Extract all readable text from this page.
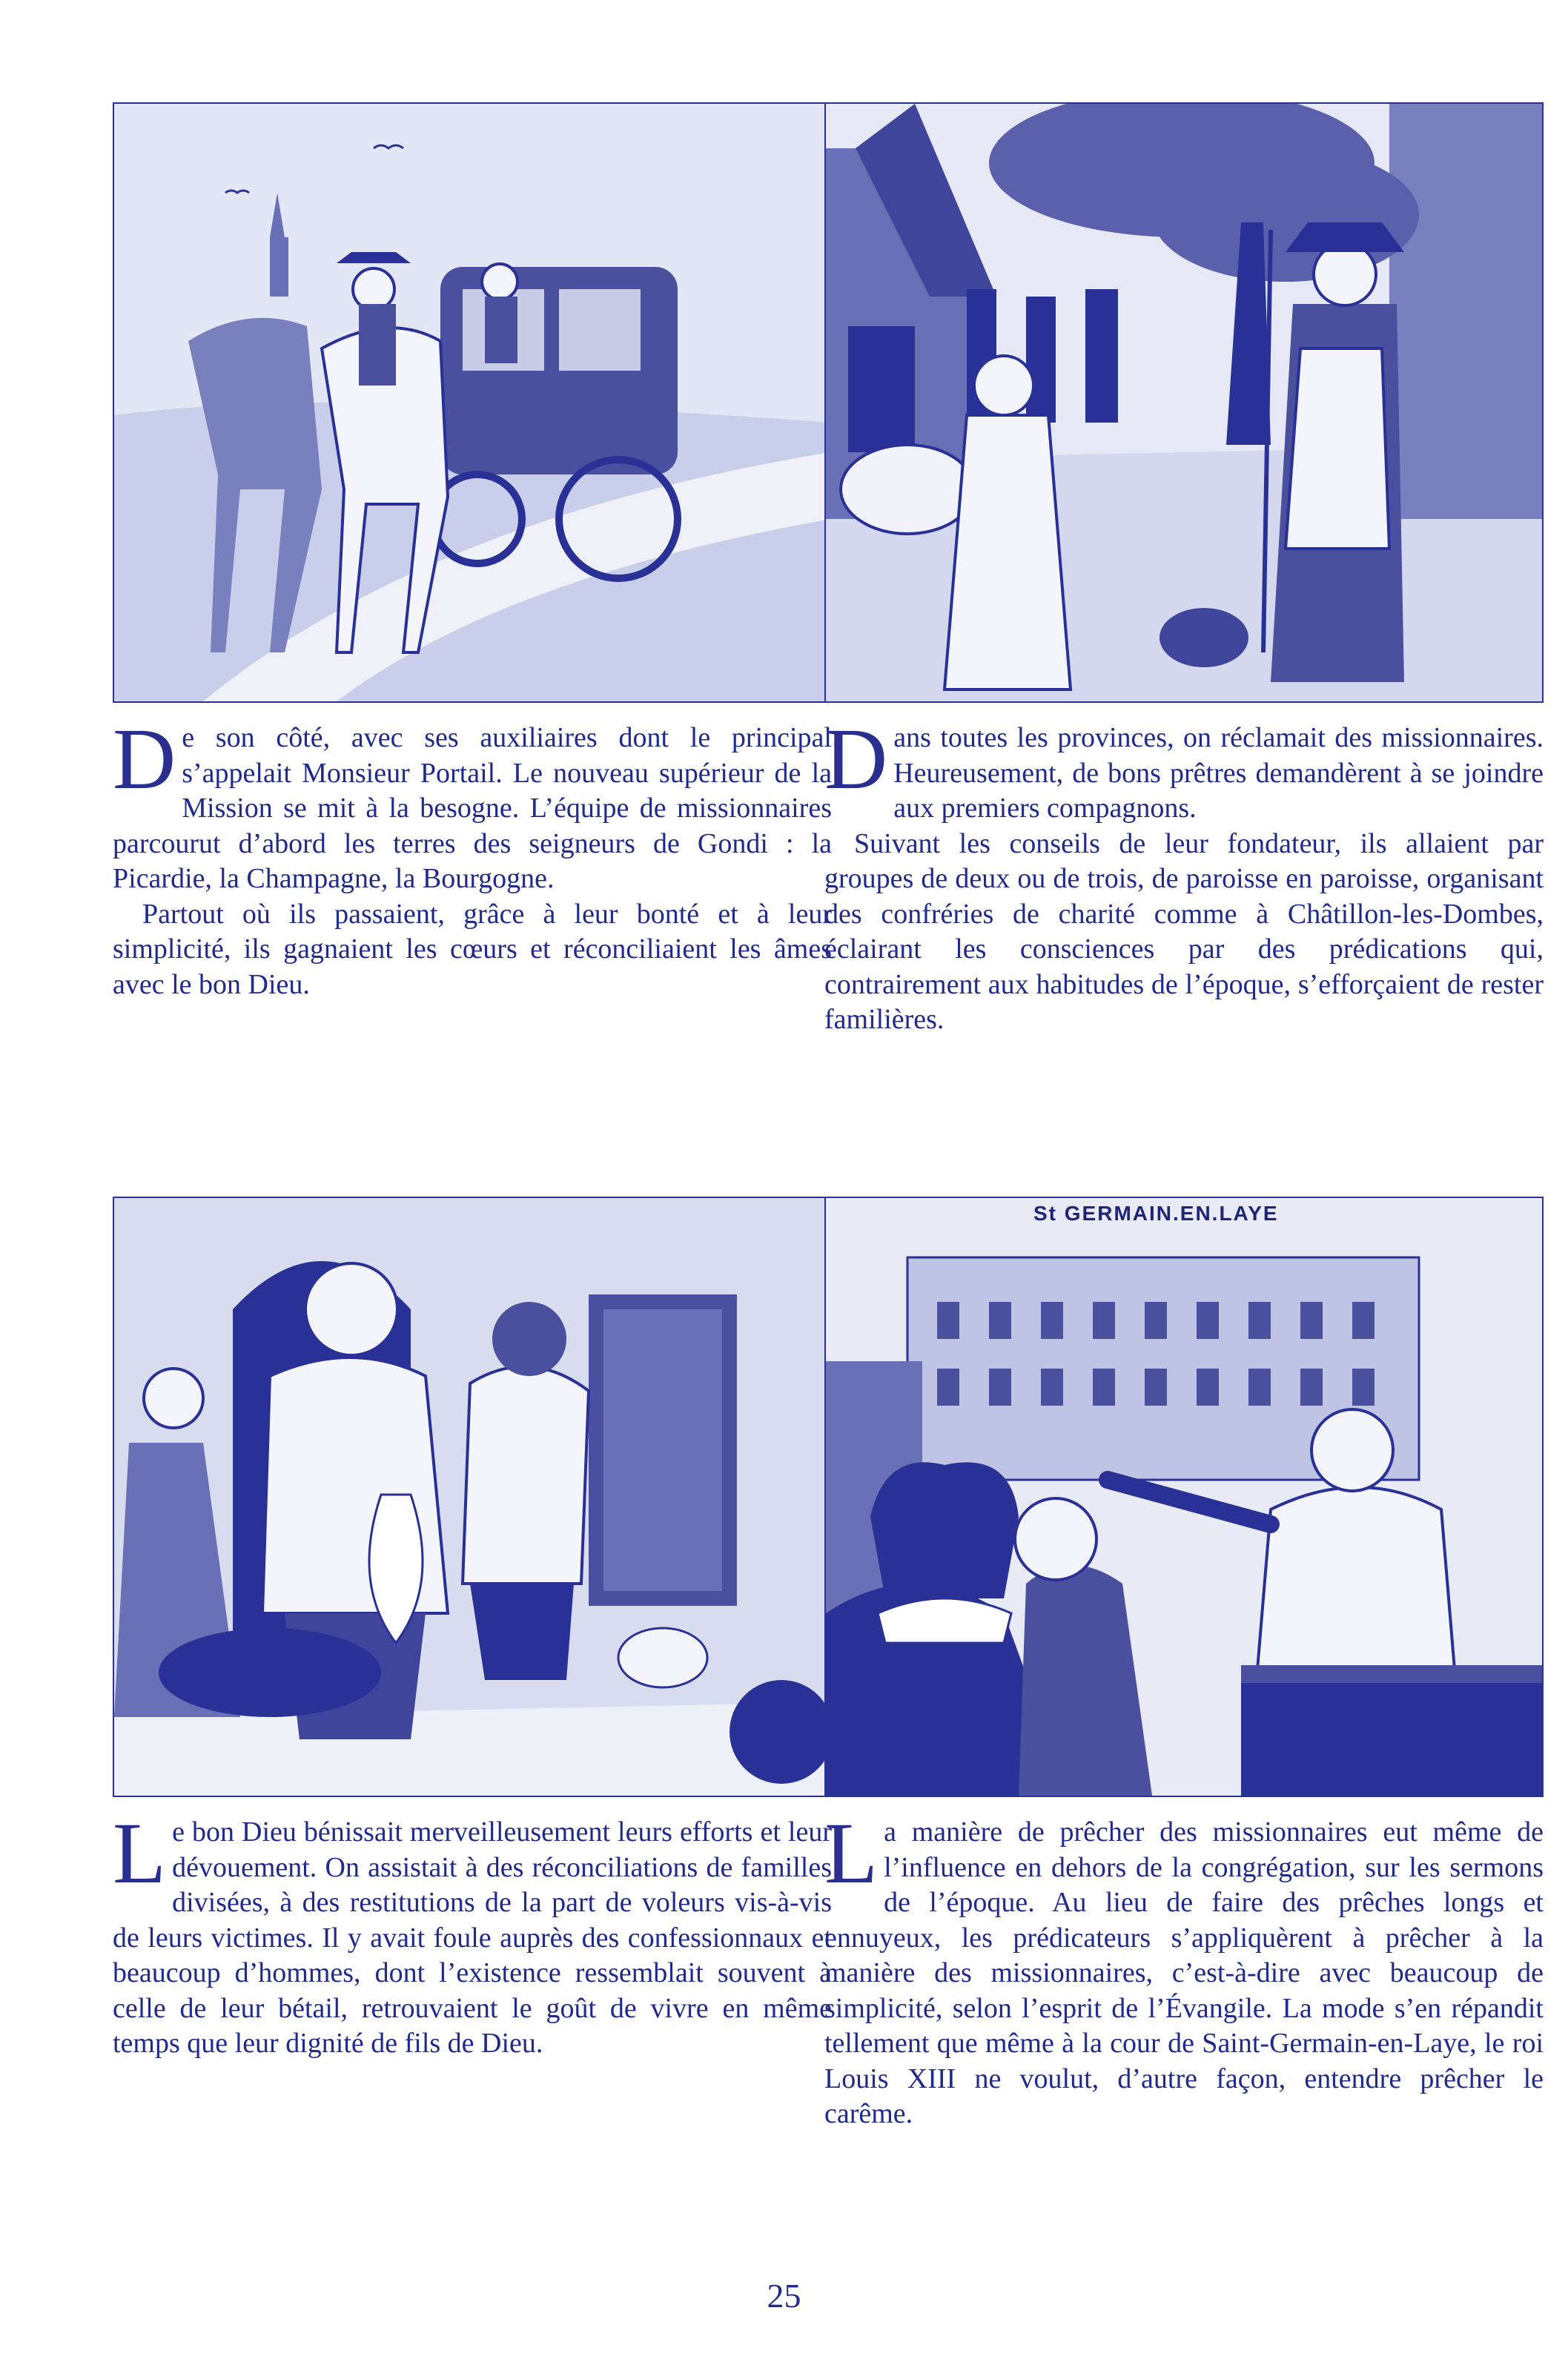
De son côté, avec ses auxiliaires dont le principal s’appelait Monsieur Portail. Le nouveau supérieur de la Mission se mit à la besogne. L’équipe de missionnaires parcourut d’abord les terres des seigneurs de Gondi : la Picardie, la Champagne, la Bourgogne.

Partout où ils passaient, grâce à leur bonté et à leur simplicité, ils gagnaient les cœurs et réconciliaient les âmes avec le bon Dieu.

Dans toutes les provinces, on réclamait des missionnaires. Heureusement, de bons prêtres demandèrent à se joindre aux premiers compagnons.

Suivant les conseils de leur fondateur, ils allaient par groupes de deux ou de trois, de paroisse en paroisse, organisant des confréries de charité comme à Châtillon-les-Dombes, éclairant les consciences par des prédications qui, contrairement aux habitudes de l’époque, s’efforçaient de rester familières.

Le bon Dieu bénissait merveilleusement leurs efforts et leur dévouement. On assistait à des réconciliations de familles divisées, à des restitutions de la part de voleurs vis-à-vis de leurs victimes. Il y avait foule auprès des confessionnaux et beaucoup d’hommes, dont l’existence ressemblait souvent à celle de leur bétail, retrouvaient le goût de vivre en même temps que leur dignité de fils de Dieu.

St GERMAIN.EN.LAYE

La manière de prêcher des missionnaires eut même de l’influence en dehors de la congrégation, sur les sermons de l’époque. Au lieu de faire des prêches longs et ennuyeux, les prédicateurs s’appliquèrent à prêcher à la manière des missionnaires, c’est-à-dire avec beaucoup de simplicité, selon l’esprit de l’Évangile. La mode s’en répandit tellement que même à la cour de Saint-Germain-en-Laye, le roi Louis XIII ne voulut, d’autre façon, entendre prêcher le carême.

25
